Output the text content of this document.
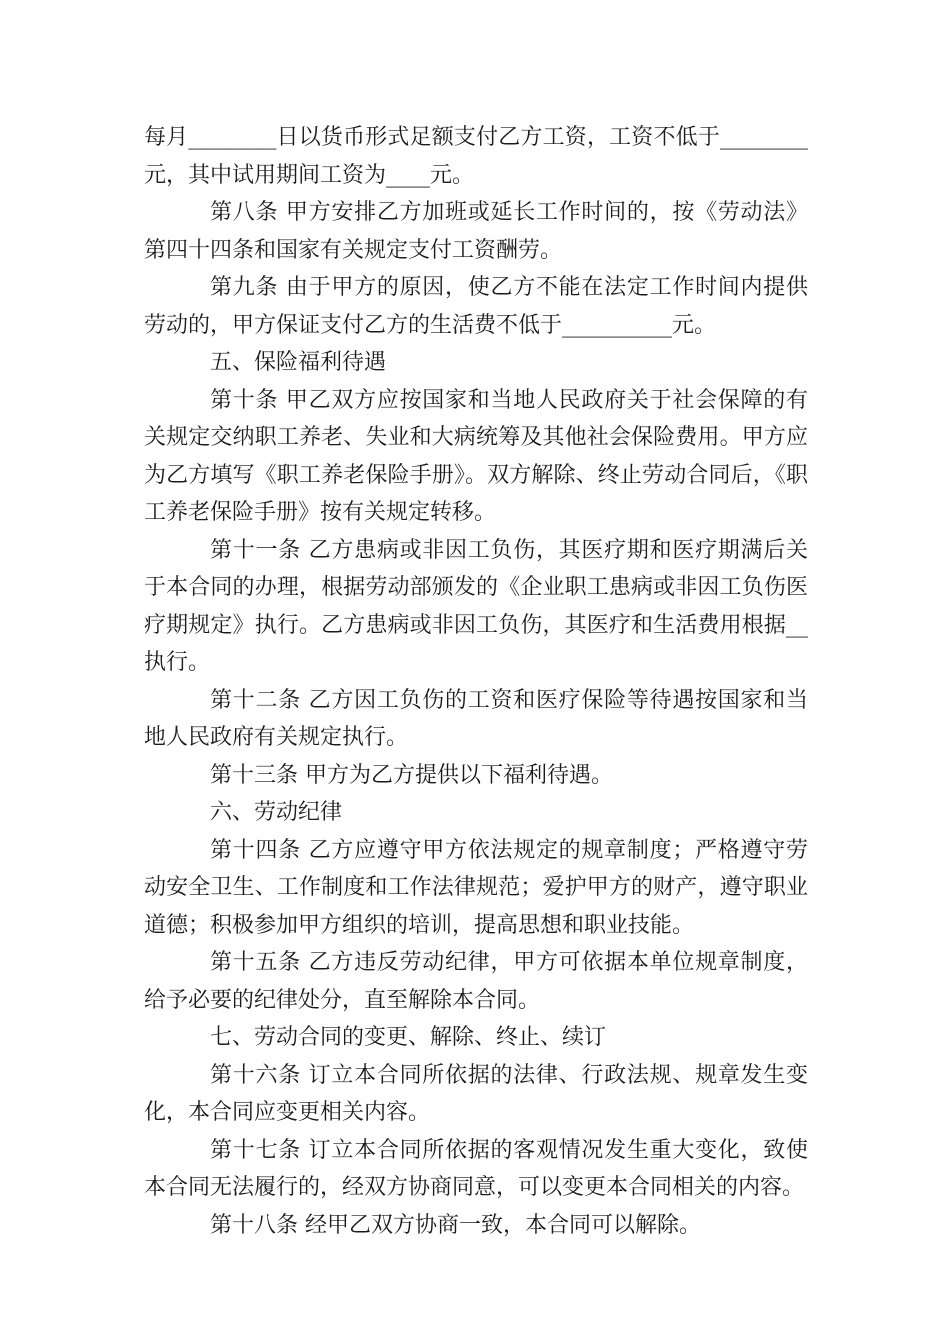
每月________日以货币形式足额支付乙方工资，工资不低于________元，其中试用期间工资为____元。

第八条 甲方安排乙方加班或延长工作时间的，按《劳动法》第四十四条和国家有关规定支付工资酬劳。

第九条 由于甲方的原因，使乙方不能在法定工作时间内提供劳动的，甲方保证支付乙方的生活费不低于__________元。

五、保险福利待遇

第十条 甲乙双方应按国家和当地人民政府关于社会保障的有关规定交纳职工养老、失业和大病统筹及其他社会保险费用。甲方应为乙方填写《职工养老保险手册》。双方解除、终止劳动合同后，《职工养老保险手册》按有关规定转移。

第十一条 乙方患病或非因工负伤，其医疗期和医疗期满后关于本合同的办理，根据劳动部颁发的《企业职工患病或非因工负伤医疗期规定》执行。乙方患病或非因工负伤，其医疗和生活费用根据__执行。

第十二条 乙方因工负伤的工资和医疗保险等待遇按国家和当地人民政府有关规定执行。

第十三条 甲方为乙方提供以下福利待遇。

六、劳动纪律

第十四条 乙方应遵守甲方依法规定的规章制度；严格遵守劳动安全卫生、工作制度和工作法律规范；爱护甲方的财产，遵守职业道德；积极参加甲方组织的培训，提高思想和职业技能。

第十五条 乙方违反劳动纪律，甲方可依据本单位规章制度，给予必要的纪律处分，直至解除本合同。

七、劳动合同的变更、解除、终止、续订

第十六条 订立本合同所依据的法律、行政法规、规章发生变化，本合同应变更相关内容。

第十七条 订立本合同所依据的客观情况发生重大变化，致使本合同无法履行的，经双方协商同意，可以变更本合同相关的内容。

第十八条 经甲乙双方协商一致，本合同可以解除。
